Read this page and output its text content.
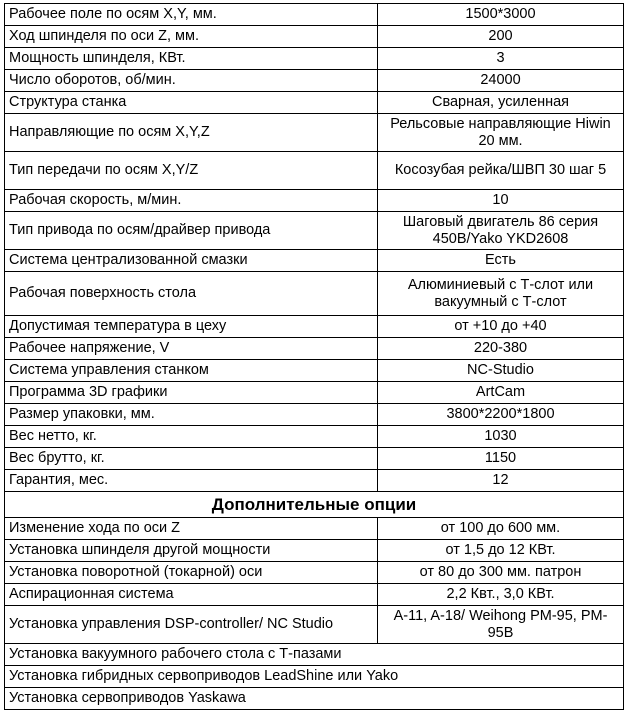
Рабочее поле по осям X,Y, мм.	1500*3000
Ход шпинделя по оси Z, мм.	200
Мощность шпинделя, КВт.	3
Число оборотов, об/мин.	24000
Структура станка	Сварная, усиленная
Направляющие по осям X,Y,Z	Рельсовые направляющие Hiwin 20 мм.
Тип передачи по осям X,Y/Z	Косозубая рейка/ШВП 30 шаг 5
Рабочая скорость, м/мин.	10
Тип привода по осям/драйвер привода	Шаговый двигатель 86 серия 450В/Yako YKD2608
Система централизованной смазки	Есть
Рабочая поверхность стола	Алюминиевый с Т-слот или вакуумный с Т-слот
Допустимая температура в цеху	от +10 до +40
Рабочее напряжение, V	220-380
Система управления станком	NC-Studio
Программа 3D графики	ArtCam
Размер упаковки, мм.	3800*2200*1800
Вес нетто, кг.	1030
Вес брутто, кг.	1150
Гарантия, мес.	12
Дополнительные опции	
Изменение хода по оси Z	от 100 до 600 мм.
Установка шпинделя другой мощности	от 1,5 до 12 КВт.
Установка поворотной (токарной) оси	от 80 до 300 мм. патрон
Аспирационная система	2,2 Квт., 3,0 КВт.
Установка управления DSP-controller/ NC Studio	A-11, A-18/ Weihong PM-95, PM-95B
Установка вакуумного рабочего стола с Т-пазами	
Установка гибридных сервоприводов LeadShine или Yako	
Установка сервоприводов Yaskawa	
